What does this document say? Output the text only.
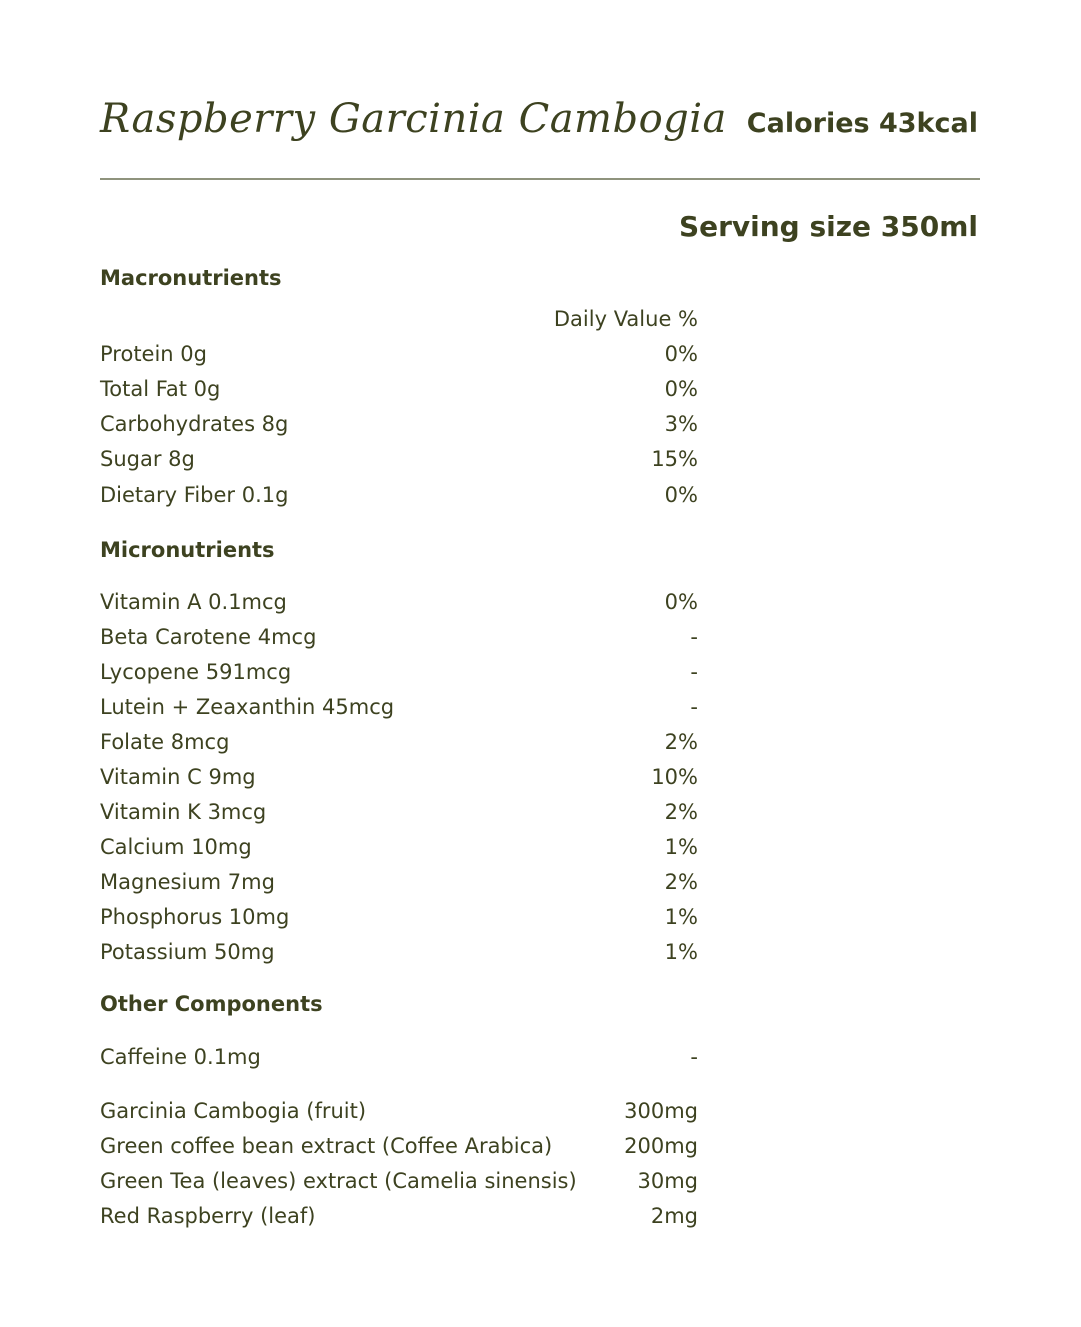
Raspberry Garcinia Cambogia Calories 43kcal
Serving size 350ml
Macronutrients
Daily Value %
Protein 0g	0%
Total Fat 0g	0%
Carbohydrates 8g	3%
Sugar 8g	15%
Dietary Fiber 0.1g	0%
Micronutrients
Vitamin A 0.1mcg	0%
Beta Carotene 4mcg	-
Lycopene 591mcg	-
Lutein + Zeaxanthin 45mcg	-
Folate 8mcg	2%
Vitamin C 9mg	10%
Vitamin K 3mcg	2%
Calcium 10mg	1%
Magnesium 7mg	2%
Phosphorus 10mg	1%
Potassium 50mg	1%
Other Components
Caffeine 0.1mg	-
Garcinia Cambogia (fruit)	300mg
Green coffee bean extract (Coffee Arabica)	200mg
Green Tea (leaves) extract (Camelia sinensis)	30mg
Red Raspberry (leaf)	2mg
